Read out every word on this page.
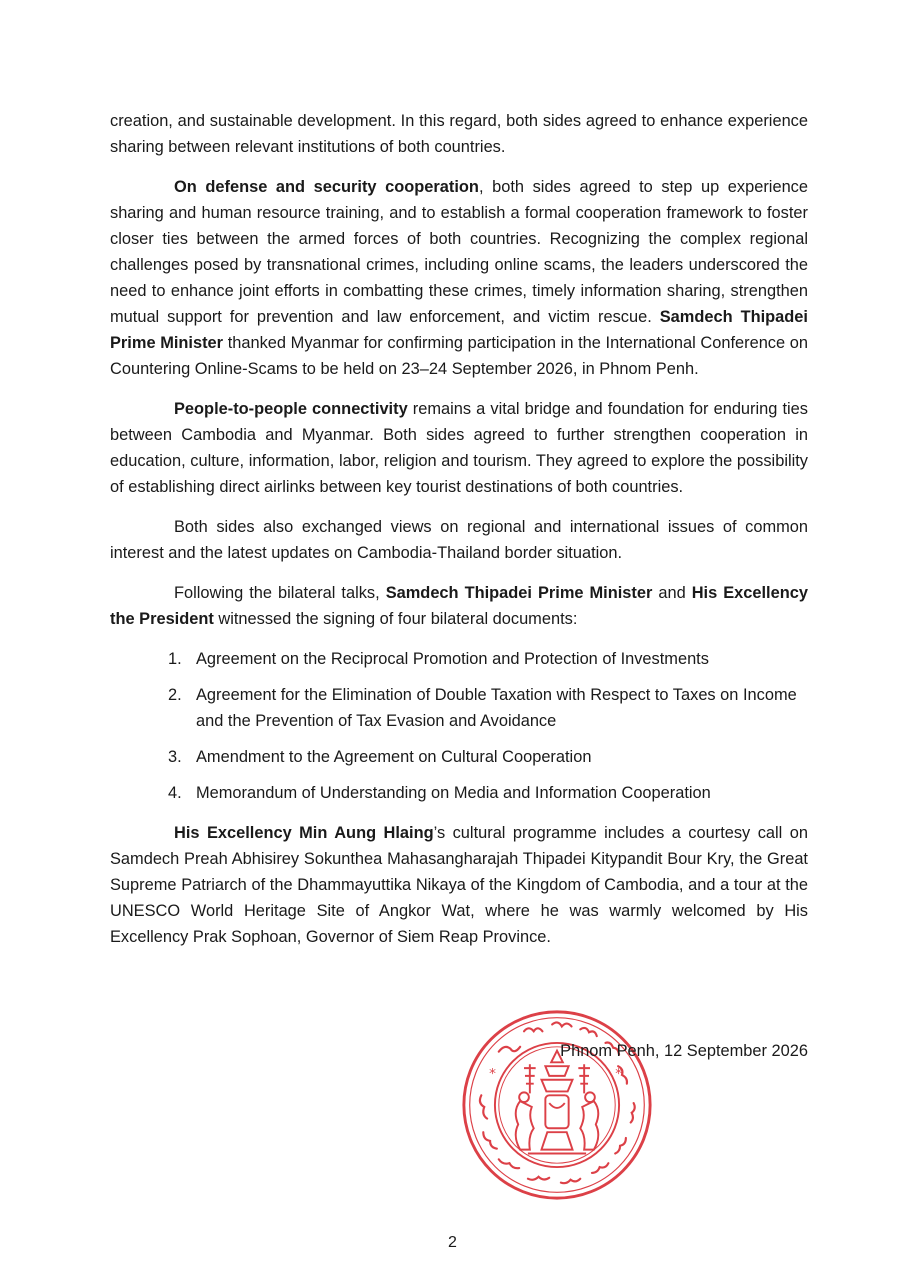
creation, and sustainable development. In this regard, both sides agreed to enhance experience sharing between relevant institutions of both countries.

On defense and security cooperation, both sides agreed to step up experience sharing and human resource training, and to establish a formal cooperation framework to foster closer ties between the armed forces of both countries. Recognizing the complex regional challenges posed by transnational crimes, including online scams, the leaders underscored the need to enhance joint efforts in combatting these crimes, timely information sharing, strengthen mutual support for prevention and law enforcement, and victim rescue. Samdech Thipadei Prime Minister thanked Myanmar for confirming participation in the International Conference on Countering Online-Scams to be held on 23–24 September 2026, in Phnom Penh.

People-to-people connectivity remains a vital bridge and foundation for enduring ties between Cambodia and Myanmar. Both sides agreed to further strengthen cooperation in education, culture, information, labor, religion and tourism. They agreed to explore the possibility of establishing direct airlinks between key tourist destinations of both countries.

Both sides also exchanged views on regional and international issues of common interest and the latest updates on Cambodia-Thailand border situation.

Following the bilateral talks, Samdech Thipadei Prime Minister and His Excellency the President witnessed the signing of four bilateral documents:

1. Agreement on the Reciprocal Promotion and Protection of Investments
2. Agreement for the Elimination of Double Taxation with Respect to Taxes on Income and the Prevention of Tax Evasion and Avoidance
3. Amendment to the Agreement on Cultural Cooperation
4. Memorandum of Understanding on Media and Information Cooperation

His Excellency Min Aung Hlaing’s cultural programme includes a courtesy call on Samdech Preah Abhisirey Sokunthea Mahasangharajah Thipadei Kitypandit Bour Kry, the Great Supreme Patriarch of the Dhammayuttika Nikaya of the Kingdom of Cambodia, and a tour at the UNESCO World Heritage Site of Angkor Wat, where he was warmly welcomed by His Excellency Prak Sophoan, Governor of Siem Reap Province.

*	*
Phnom Penh, 12 September 2026
2
